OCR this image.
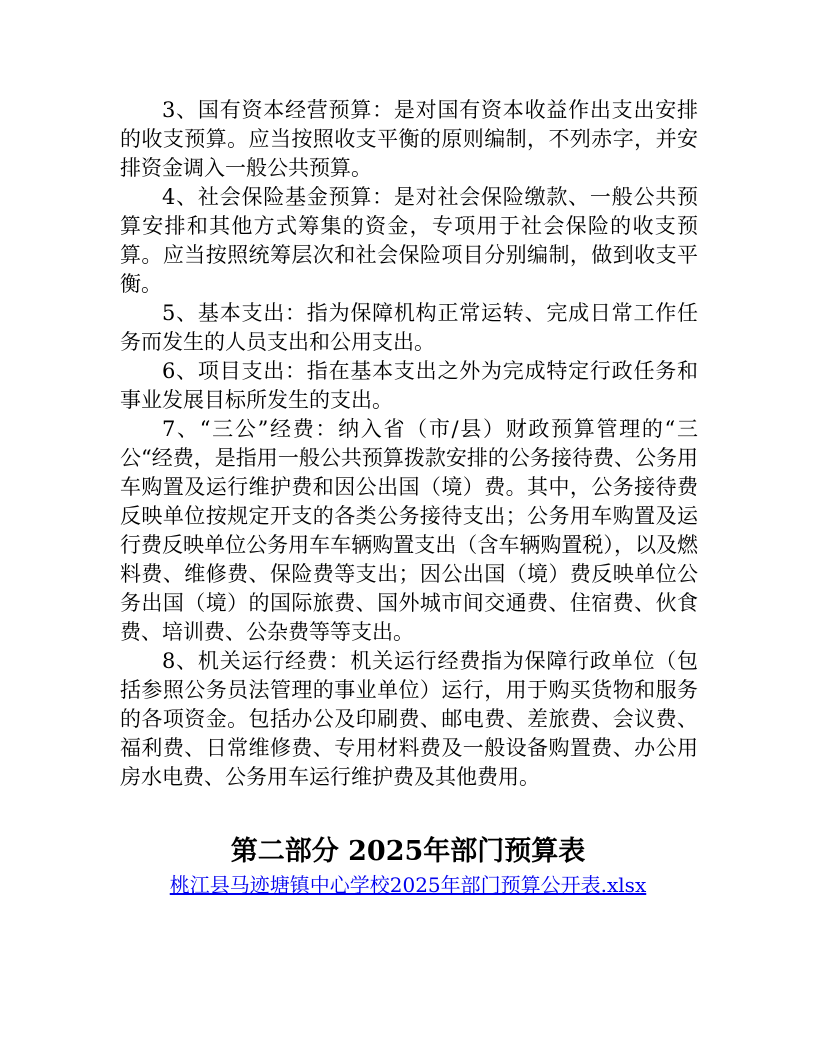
3、国有资本经营预算：是对国有资本收益作出支出安排的收支预算。应当按照收支平衡的原则编制，不列赤字，并安排资金调入一般公共预算。

4、社会保险基金预算：是对社会保险缴款、一般公共预算安排和其他方式筹集的资金，专项用于社会保险的收支预算。应当按照统筹层次和社会保险项目分别编制，做到收支平衡。

5、基本支出：指为保障机构正常运转、完成日常工作任务而发生的人员支出和公用支出。

6、项目支出：指在基本支出之外为完成特定行政任务和事业发展目标所发生的支出。

7、“三公”经费：纳入省（市/县）财政预算管理的“三公“经费，是指用一般公共预算拨款安排的公务接待费、公务用车购置及运行维护费和因公出国（境）费。其中，公务接待费反映单位按规定开支的各类公务接待支出；公务用车购置及运行费反映单位公务用车车辆购置支出（含车辆购置税），以及燃料费、维修费、保险费等支出；因公出国（境）费反映单位公务出国（境）的国际旅费、国外城市间交通费、住宿费、伙食费、培训费、公杂费等等支出。

8、机关运行经费：机关运行经费指为保障行政单位（包括参照公务员法管理的事业单位）运行，用于购买货物和服务的各项资金。包括办公及印刷费、邮电费、差旅费、会议费、福利费、日常维修费、专用材料费及一般设备购置费、办公用房水电费、公务用车运行维护费及其他费用。

第二部分 2025年部门预算表
桃江县马迹塘镇中心学校2025年部门预算公开表.xlsx
